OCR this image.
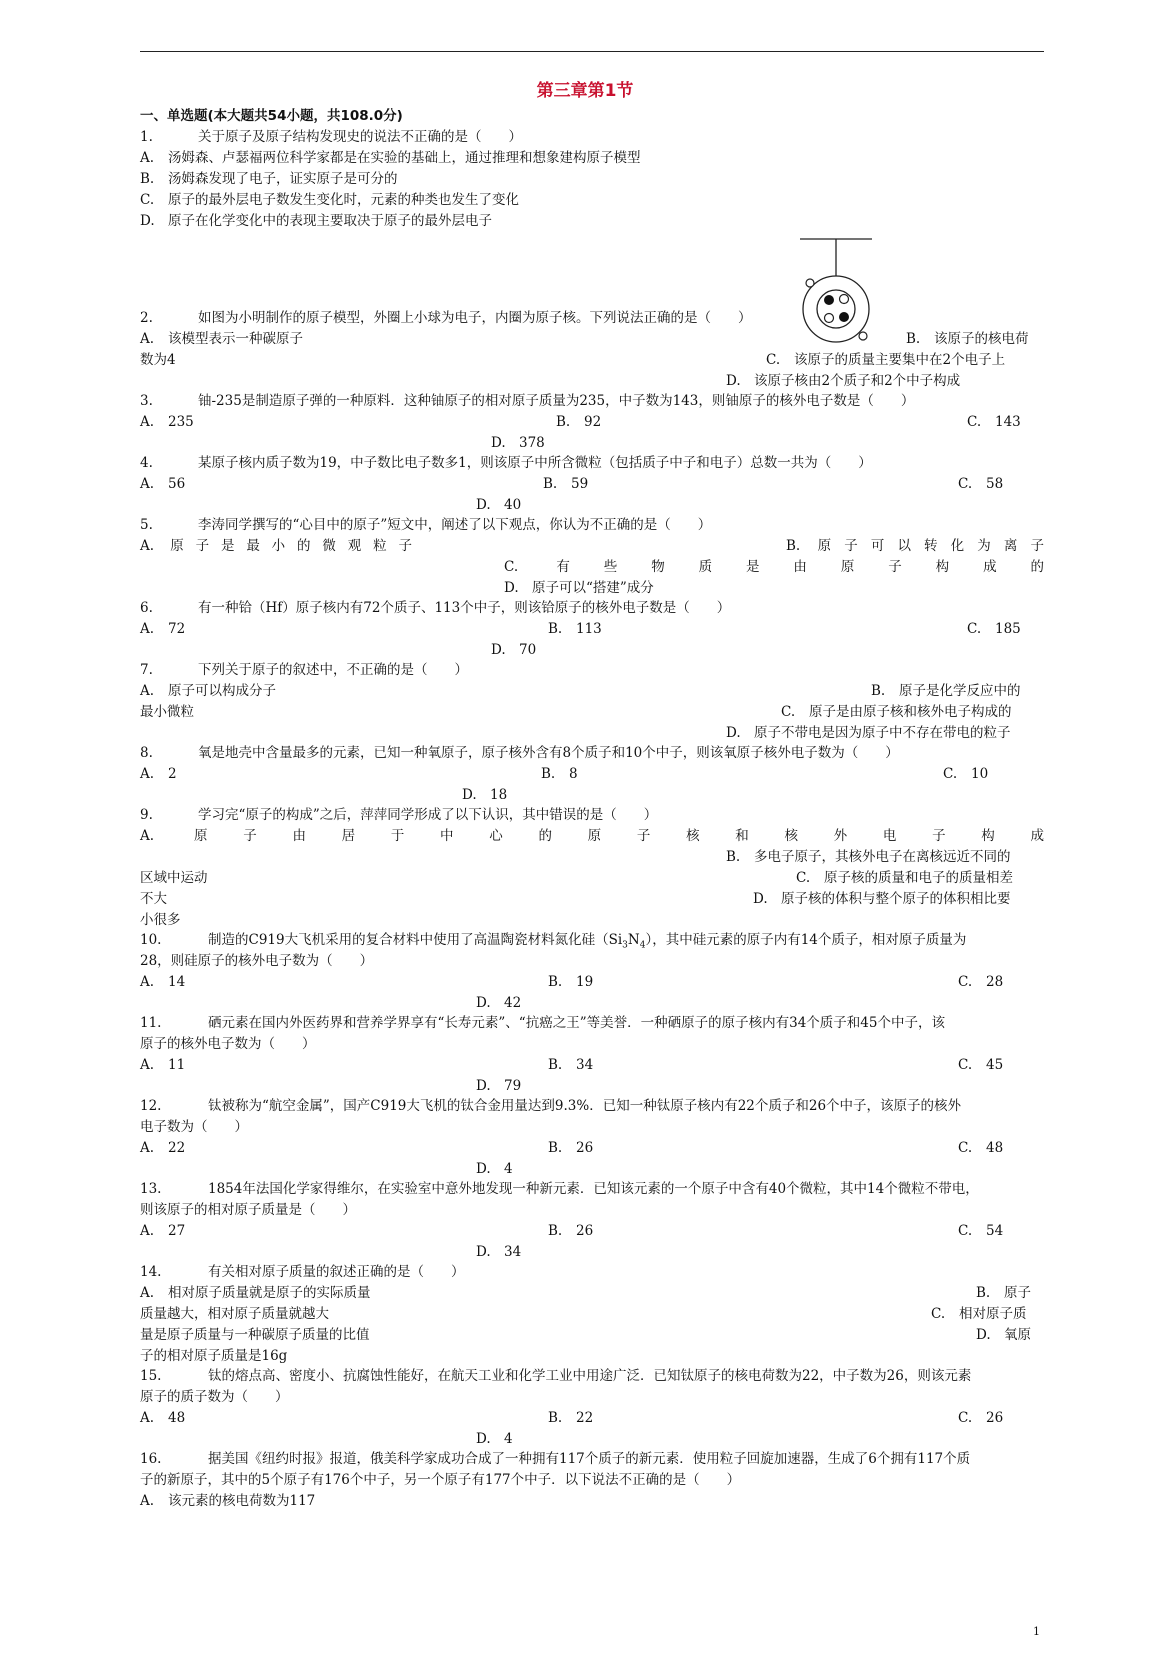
第三章第1节
一、单选题(本大题共54小题，共108.0分)
1.	关于原子及原子结构发现史的说法不正确的是（　　）
A. 汤姆森、卢瑟福两位科学家都是在实验的基础上，通过推理和想象建构原子模型
B. 汤姆森发现了电子，证实原子是可分的
C. 原子的最外层电子数发生变化时，元素的种类也发生了变化
D. 原子在化学变化中的表现主要取决于原子的最外层电子
2.	如图为小明制作的原子模型，外圈上小球为电子，内圈为原子核。下列说法正确的是（　　）
A. 该模型表示一种碳原子	B. 该原子的核电荷
数为4	C. 该原子的质量主要集中在2个电子上
D. 该原子核由2个质子和2个中子构成
3.	铀-235是制造原子弹的一种原料．这种铀原子的相对原子质量为235，中子数为143，则铀原子的核外电子数是（　　）
A. 235	B. 92	C. 143
D. 378
4.	某原子核内质子数为19，中子数比电子数多1，则该原子中所含微粒（包括质子中子和电子）总数一共为（　　）
A. 56	B. 59	C. 58
D. 40
5.	李涛同学撰写的“心目中的原子”短文中，阐述了以下观点，你认为不正确的是（　　）
A. 原子是最小的微观粒子	B. 原子可以转化为离子
C.	有些物质是由原子构成的
D. 原子可以“搭建”成分
6.	有一种铪（Hf）原子核内有72个质子、113个中子，则该铪原子的核外电子数是（　　）
A. 72	B. 113	C. 185
D. 70
7.	下列关于原子的叙述中，不正确的是（　　）
A. 原子可以构成分子	B. 原子是化学反应中的
最小微粒	C. 原子是由原子核和核外电子构成的
D. 原子不带电是因为原子中不存在带电的粒子
8.	氧是地壳中含量最多的元素，已知一种氧原子，原子核外含有8个质子和10个中子，则该氧原子核外电子数为（　　）
A. 2	B. 8	C. 10
D. 18
9.	学习完“原子的构成”之后，萍萍同学形成了以下认识，其中错误的是（　　）
A.	原子由居于中心的原子核和核外电子构成
B. 多电子原子，其核外电子在离核远近不同的
区域中运动	C. 原子核的质量和电子的质量相差
不大	D. 原子核的体积与整个原子的体积相比要
小很多
10.	制造的C919大飞机采用的复合材料中使用了高温陶瓷材料氮化硅$(Si_3N_4)$，其中硅元素的原子内有14个质子，相对原子质量为
28，则硅原子的核外电子数为（　　）
A. 14	B. 19	C. 28
D. 42
11.	硒元素在国内外医药界和营养学界享有“长寿元素”、“抗癌之王”等美誉．一种硒原子的原子核内有34个质子和45个中子，该
原子的核外电子数为（　　）
A. 11	B. 34	C. 45
D. 79
12.	钛被称为“航空金属”，国产C919大飞机的钛合金用量达到9.3%．已知一种钛原子核内有22个质子和26个中子，该原子的核外
电子数为（　　）
A. 22	B. 26	C. 48
D. 4
13.	1854年法国化学家得维尔，在实验室中意外地发现一种新元素．已知该元素的一个原子中含有40个微粒，其中14个微粒不带电，
则该原子的相对原子质量是（　　）
A. 27	B. 26	C. 54
D. 34
14.	有关相对原子质量的叙述正确的是（　　）
A. 相对原子质量就是原子的实际质量	B. 原子
质量越大，相对原子质量就越大	C. 相对原子质
量是原子质量与一种碳原子质量的比值	D. 氧原
子的相对原子质量是16g
15.	钛的熔点高、密度小、抗腐蚀性能好，在航天工业和化学工业中用途广泛．已知钛原子的核电荷数为22，中子数为26，则该元素
原子的质子数为（　　）
A. 48	B. 22	C. 26
D. 4
16.	据美国《纽约时报》报道，俄美科学家成功合成了一种拥有117个质子的新元素．使用粒子回旋加速器，生成了6个拥有117个质
子的新原子，其中的5个原子有176个中子，另一个原子有177个中子．以下说法不正确的是（　　）
A. 该元素的核电荷数为117
1
